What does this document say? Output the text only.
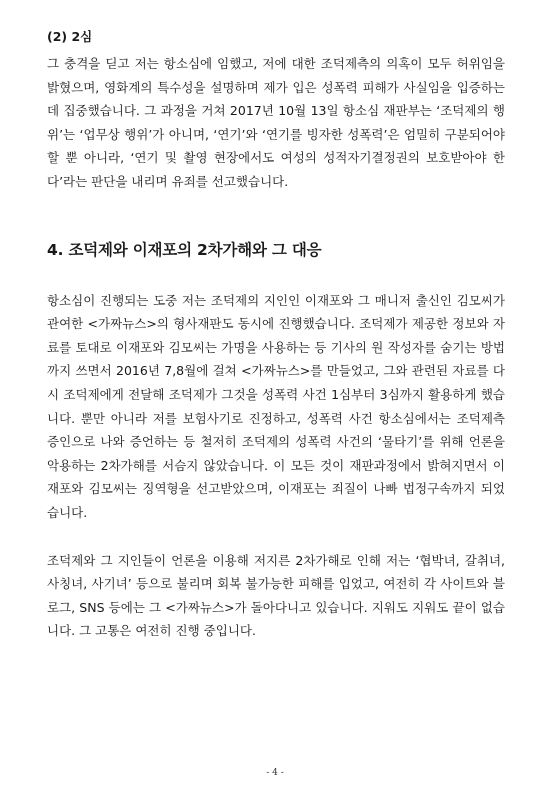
(2) 2심

그 충격을 딛고 저는 항소심에 임했고, 저에 대한 조덕제측의 의혹이 모두 허위임을 밝혔으며, 영화계의 특수성을 설명하며 제가 입은 성폭력 피해가 사실임을 입증하는 데 집중했습니다. 그 과정을 거쳐 2017년 10월 13일 항소심 재판부는 ‘조덕제의 행위’는 ‘업무상 행위’가 아니며, ‘연기’와 ‘연기를 빙자한 성폭력’은 엄밀히 구분되어야 할 뿐 아니라, ‘연기 및 촬영 현장에서도 여성의 성적자기결정권의 보호받아야 한다’라는 판단을 내리며 유죄를 선고했습니다.

4. 조덕제와 이재포의 2차가해와 그 대응

항소심이 진행되는 도중 저는 조덕제의 지인인 이재포와 그 매니저 출신인 김모씨가 관여한 <가짜뉴스>의 형사재판도 동시에 진행했습니다. 조덕제가 제공한 정보와 자료를 토대로 이재포와 김모씨는 가명을 사용하는 등 기사의 원 작성자를 숨기는 방법까지 쓰면서 2016년 7,8월에 걸쳐 <가짜뉴스>를 만들었고, 그와 관련된 자료를 다시 조덕제에게 전달해 조덕제가 그것을 성폭력 사건 1심부터 3심까지 활용하게 했습니다. 뿐만 아니라 저를 보험사기로 진정하고, 성폭력 사건 항소심에서는 조덕제측 증인으로 나와 증언하는 등 철저히 조덕제의 성폭력 사건의 ‘물타기’를 위해 언론을 악용하는 2차가해를 서슴지 않았습니다. 이 모든 것이 재판과정에서 밝혀지면서 이재포와 김모씨는 징역형을 선고받았으며, 이재포는 죄질이 나빠 법정구속까지 되었습니다.

조덕제와 그 지인들이 언론을 이용해 저지른 2차가해로 인해 저는 ‘협박녀, 갈취녀, 사칭녀, 사기녀’ 등으로 불리며 회복 불가능한 피해를 입었고, 여전히 각 사이트와 블로그, SNS 등에는 그 <가짜뉴스>가 돌아다니고 있습니다. 지워도 지워도 끝이 없습니다. 그 고통은 여전히 진행 중입니다.

- 4 -
